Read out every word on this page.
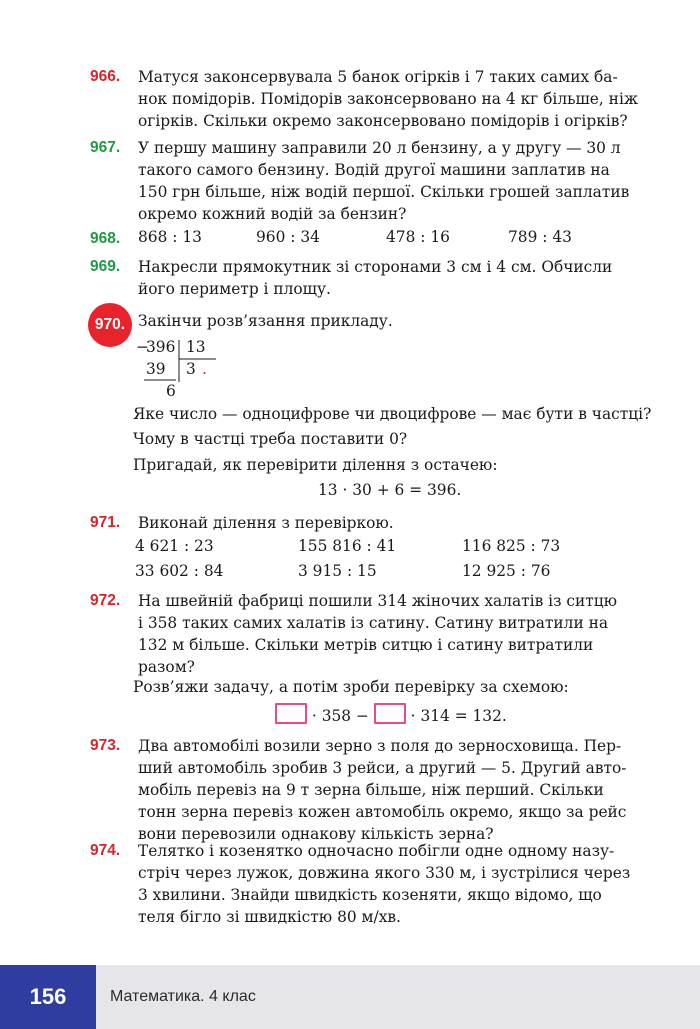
966. Матуся законсервувала 5 банок огірків і 7 таких самих ба-
нок помідорів. Помідорів законсервовано на 4 кг більше, ніж
огірків. Скільки окремо законсервовано помідорів і огірків?
967. У першу машину заправили 20 л бензину, а у другу — 30 л
такого самого бензину. Водій другої машини заплатив на
150 грн більше, ніж водій першої. Скільки грошей заплатив
окремо кожний водій за бензин?
968. 868 : 13	960 : 34	478 : 16	789 : 43
969. Накресли прямокутник зі сторонами 3 см і 4 см. Обчисли
його периметр і площу.
970. Закінчи розв’язання прикладу.
−
396 13
39 3 .
6
Яке число — одноцифрове чи двоцифрове — має бути в частці?
Чому в частці треба поставити 0?
Пригадай, як перевірити ділення з остачею:
13 · 30 + 6 = 396.
971. Виконай ділення з перевіркою.
4 621 : 23	155 816 : 41	116 825 : 73
33 602 : 84	3 915 : 15	12 925 : 76
972. На швейній фабриці пошили 314 жіночих халатів із ситцю
і 358 таких самих халатів із сатину. Сатину витратили на
132 м більше. Скільки метрів ситцю і сатину витратили
разом?
Розв’яжи задачу, а потім зроби перевірку за схемою:
· 358 −	· 314 = 132.
973. Два автомобілі возили зерно з поля до зерносховища. Пер-
ший автомобіль зробив 3 рейси, а другий — 5. Другий авто-
мобіль перевіз на 9 т зерна більше, ніж перший. Скільки
тонн зерна перевіз кожен автомобіль окремо, якщо за рейс
вони перевозили однакову кількість зерна?
974. Телятко і козенятко одночасно побігли одне одному назу-
стріч через лужок, довжина якого 330 м, і зустрілися через
3 хвилини. Знайди швидкість козеняти, якщо відомо, що
теля бігло зі швидкістю 80 м/хв.
156	Математика. 4 клас
